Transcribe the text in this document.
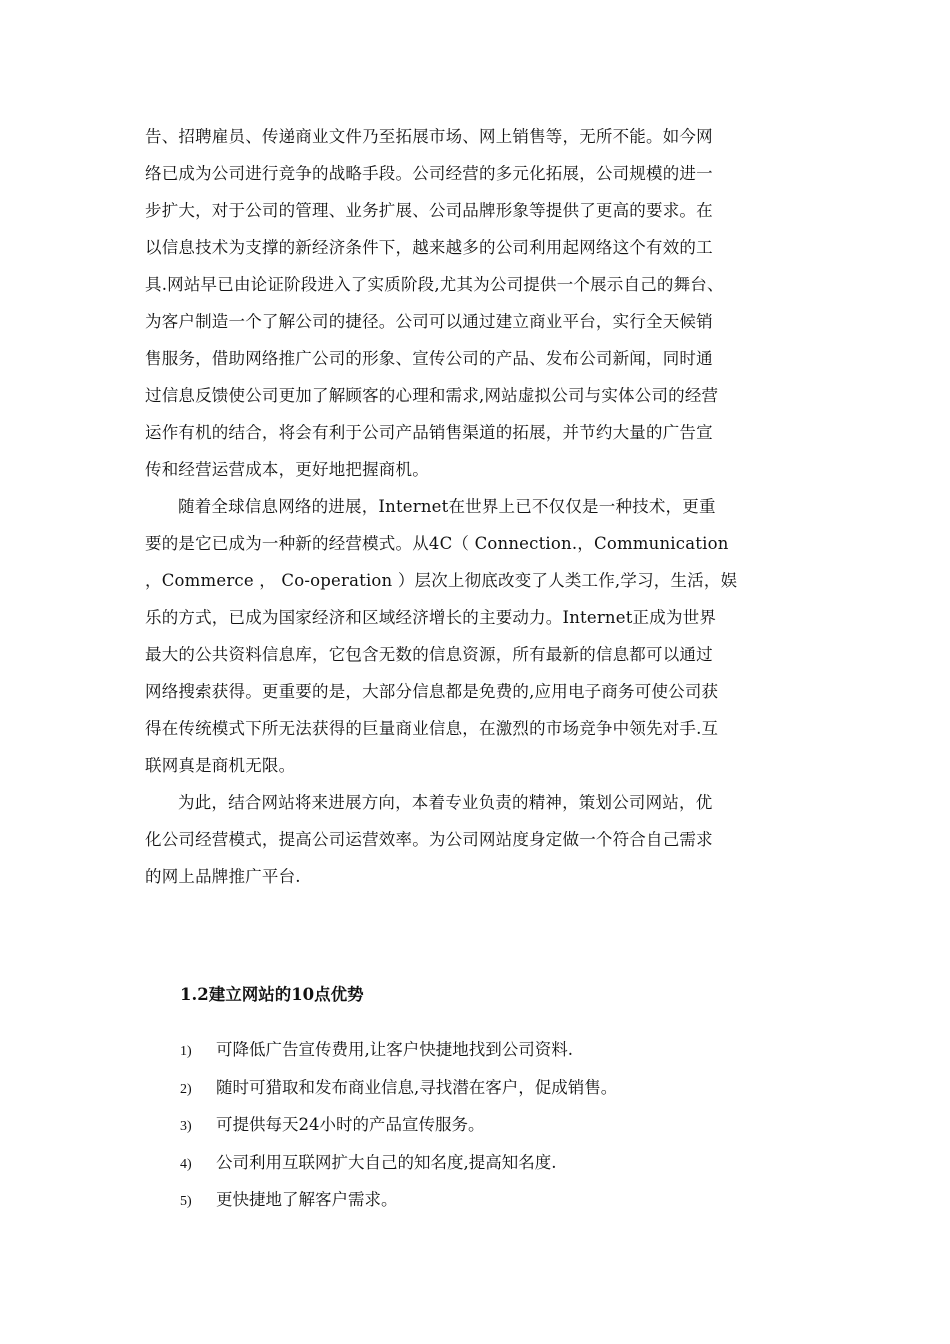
告、招聘雇员、传递商业文件乃至拓展市场、网上销售等，无所不能。如今网

络已成为公司进行竞争的战略手段。公司经营的多元化拓展，公司规模的进一

步扩大，对于公司的管理、业务扩展、公司品牌形象等提供了更高的要求。在

以信息技术为支撑的新经济条件下，越来越多的公司利用起网络这个有效的工

具.网站早已由论证阶段进入了实质阶段,尤其为公司提供一个展示自己的舞台、

为客户制造一个了解公司的捷径。公司可以通过建立商业平台，实行全天候销

售服务，借助网络推广公司的形象、宣传公司的产品、发布公司新闻，同时通

过信息反馈使公司更加了解顾客的心理和需求,网站虚拟公司与实体公司的经营

运作有机的结合，将会有利于公司产品销售渠道的拓展，并节约大量的广告宣

传和经营运营成本，更好地把握商机。

随着全球信息网络的进展，Internet在世界上已不仅仅是一种技术，更重

要的是它已成为一种新的经营模式。从4C（ Connection.，Communication

，Commerce ， Co-operation ）层次上彻底改变了人类工作,学习，生活，娱

乐的方式，已成为国家经济和区域经济增长的主要动力。Internet正成为世界

最大的公共资料信息库，它包含无数的信息资源，所有最新的信息都可以通过

网络搜索获得。更重要的是，大部分信息都是免费的,应用电子商务可使公司获

得在传统模式下所无法获得的巨量商业信息，在激烈的市场竞争中领先对手.互

联网真是商机无限。

为此，结合网站将来进展方向，本着专业负责的精神，策划公司网站，优

化公司经营模式，提高公司运营效率。为公司网站度身定做一个符合自己需求

的网上品牌推广平台.

1.2建立网站的10点优势
1) 可降低广告宣传费用,让客户快捷地找到公司资料.
2) 随时可猎取和发布商业信息,寻找潜在客户，促成销售。
3) 可提供每天24小时的产品宣传服务。
4) 公司利用互联网扩大自己的知名度,提高知名度.
5) 更快捷地了解客户需求。
